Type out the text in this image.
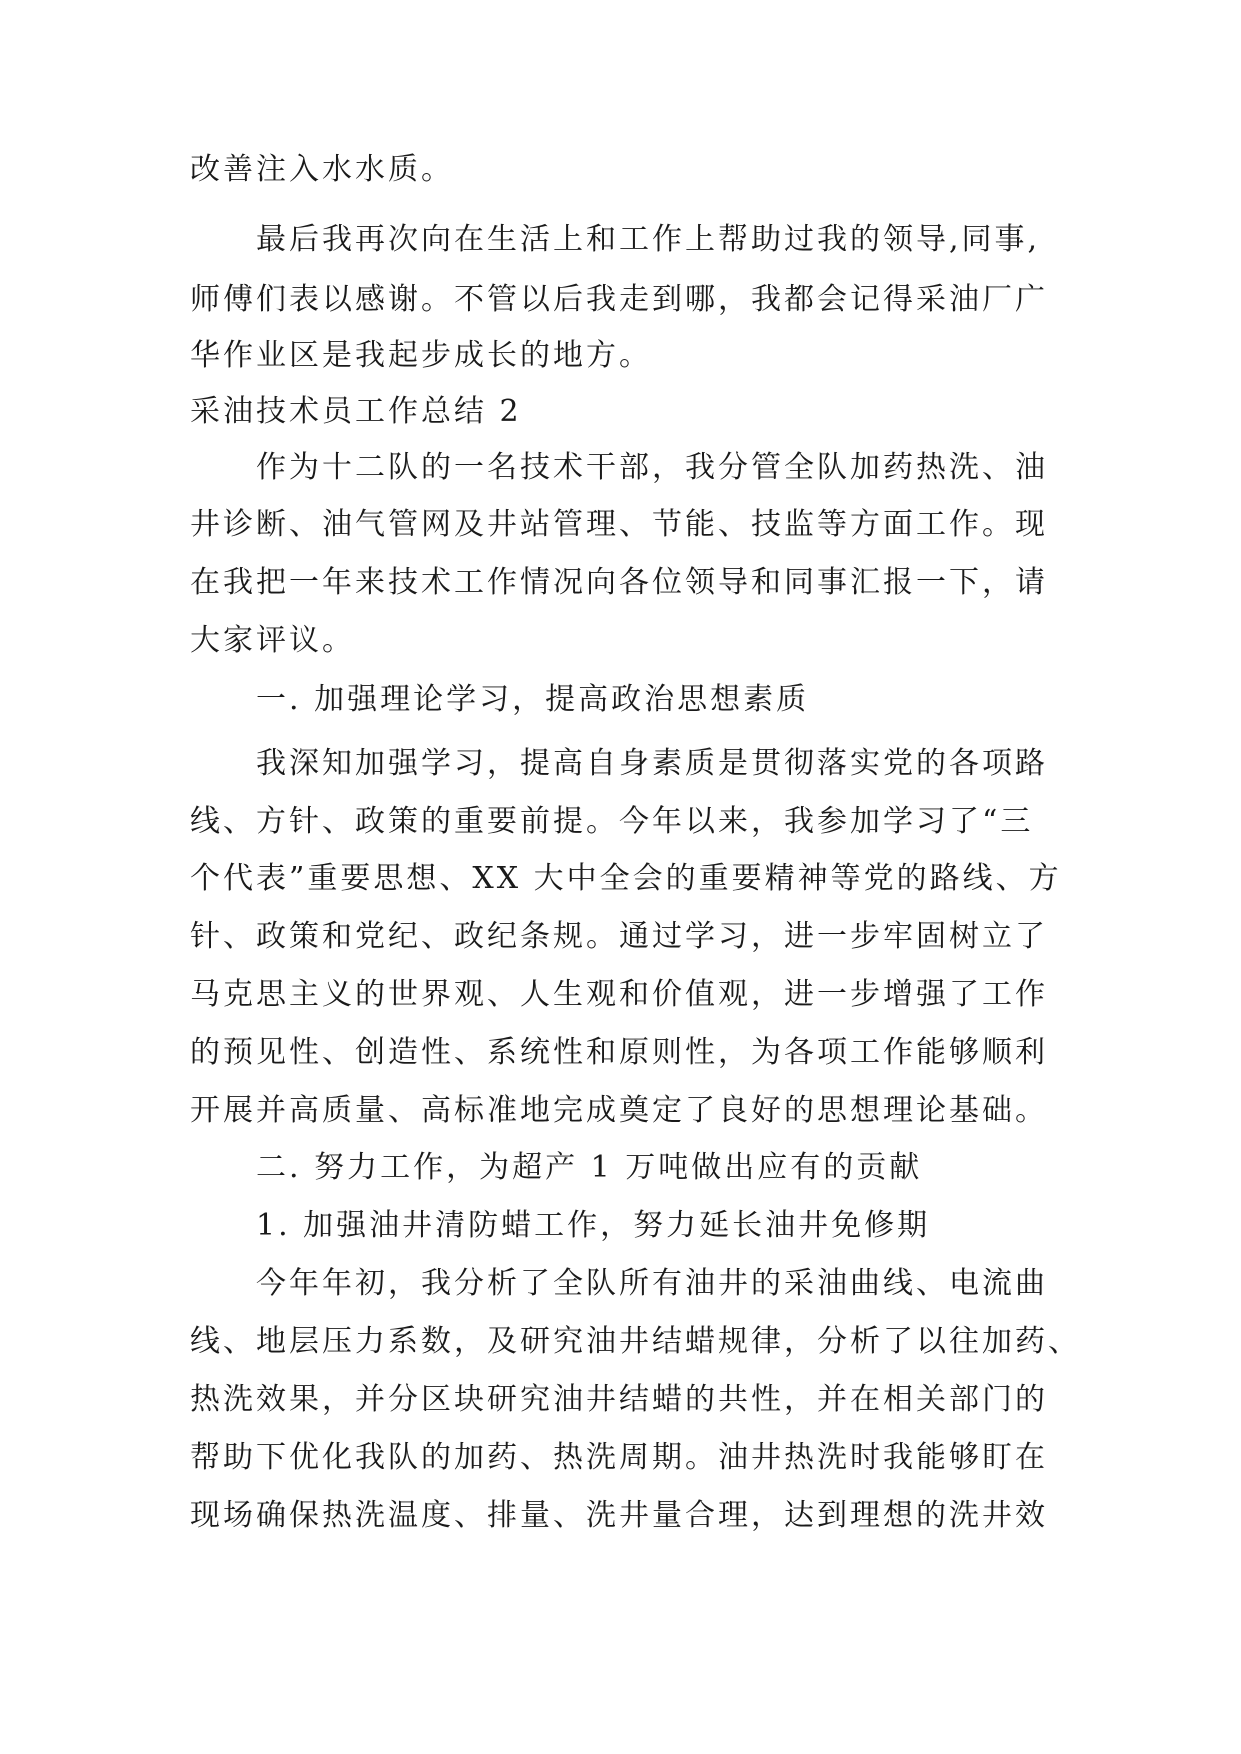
改善注入水水质。

最后我再次向在生活上和工作上帮助过我的领导,同事,

师傅们表以感谢。不管以后我走到哪，我都会记得采油厂广

华作业区是我起步成长的地方。

采油技术员工作总结 2

作为十二队的一名技术干部，我分管全队加药热洗、油

井诊断、油气管网及井站管理、节能、技监等方面工作。现

在我把一年来技术工作情况向各位领导和同事汇报一下，请

大家评议。

一. 加强理论学习，提高政治思想素质

我深知加强学习，提高自身素质是贯彻落实党的各项路

线、方针、政策的重要前提。今年以来，我参加学习了“三

个代表”重要思想、XX 大中全会的重要精神等党的路线、方

针、政策和党纪、政纪条规。通过学习，进一步牢固树立了

马克思主义的世界观、人生观和价值观，进一步增强了工作

的预见性、创造性、系统性和原则性，为各项工作能够顺利

开展并高质量、高标准地完成奠定了良好的思想理论基础。

二. 努力工作，为超产 1 万吨做出应有的贡献

1. 加强油井清防蜡工作，努力延长油井免修期

今年年初，我分析了全队所有油井的采油曲线、电流曲

线、地层压力系数，及研究油井结蜡规律，分析了以往加药、

热洗效果，并分区块研究油井结蜡的共性，并在相关部门的

帮助下优化我队的加药、热洗周期。油井热洗时我能够盯在

现场确保热洗温度、排量、洗井量合理，达到理想的洗井效
